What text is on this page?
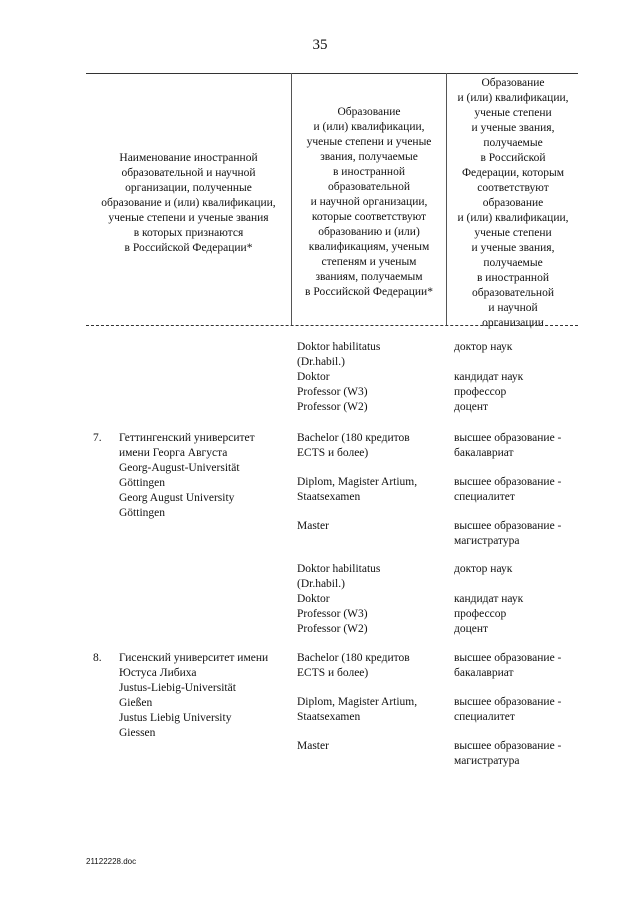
35
Наименование иностранной
образовательной и научной
организации, полученные
образование и (или) квалификации,
ученые степени и ученые звания
в которых признаются
в Российской Федерации*
Образование
и (или) квалификации,
ученые степени и ученые
звания, получаемые
в иностранной
образовательной
и научной организации,
которые соответствуют
образованию и (или)
квалификациям, ученым
степеням и ученым
званиям, получаемым
в Российской Федерации*
Образование
и (или) квалификации,
ученые степени
и ученые звания,
получаемые
в Российской
Федерации, которым
соответствуют
образование
и (или) квалификации,
ученые степени
и ученые звания,
получаемые
в иностранной
образовательной
и научной
организации
Doktor habilitatus
(Dr.habil.)
Doktor
Professor (W3)
Professor (W2)
доктор наук

кандидат наук
профессор
доцент
7. Геттингенский университет
имени Георга Августа
Georg-August-Universität
Göttingen
Georg August University
Göttingen
Bachelor (180 кредитов
ECTS и более)
высшее образование -
бакалавриат
Diplom, Magister Artium,
Staatsexamen
высшее образование -
специалитет
Master	высшее образование -
магистратура
Doktor habilitatus
(Dr.habil.)
Doktor
Professor (W3)
Professor (W2)
доктор наук

кандидат наук
профессор
доцент
8. Гисенский университет имени
Юстуса Либиха
Justus-Liebig-Universität
Gießen
Justus Liebig University
Giessen
Bachelor (180 кредитов
ECTS и более)
высшее образование -
бакалавриат
Diplom, Magister Artium,
Staatsexamen
высшее образование -
специалитет
Master	высшее образование -
магистратура
21122228.doc
